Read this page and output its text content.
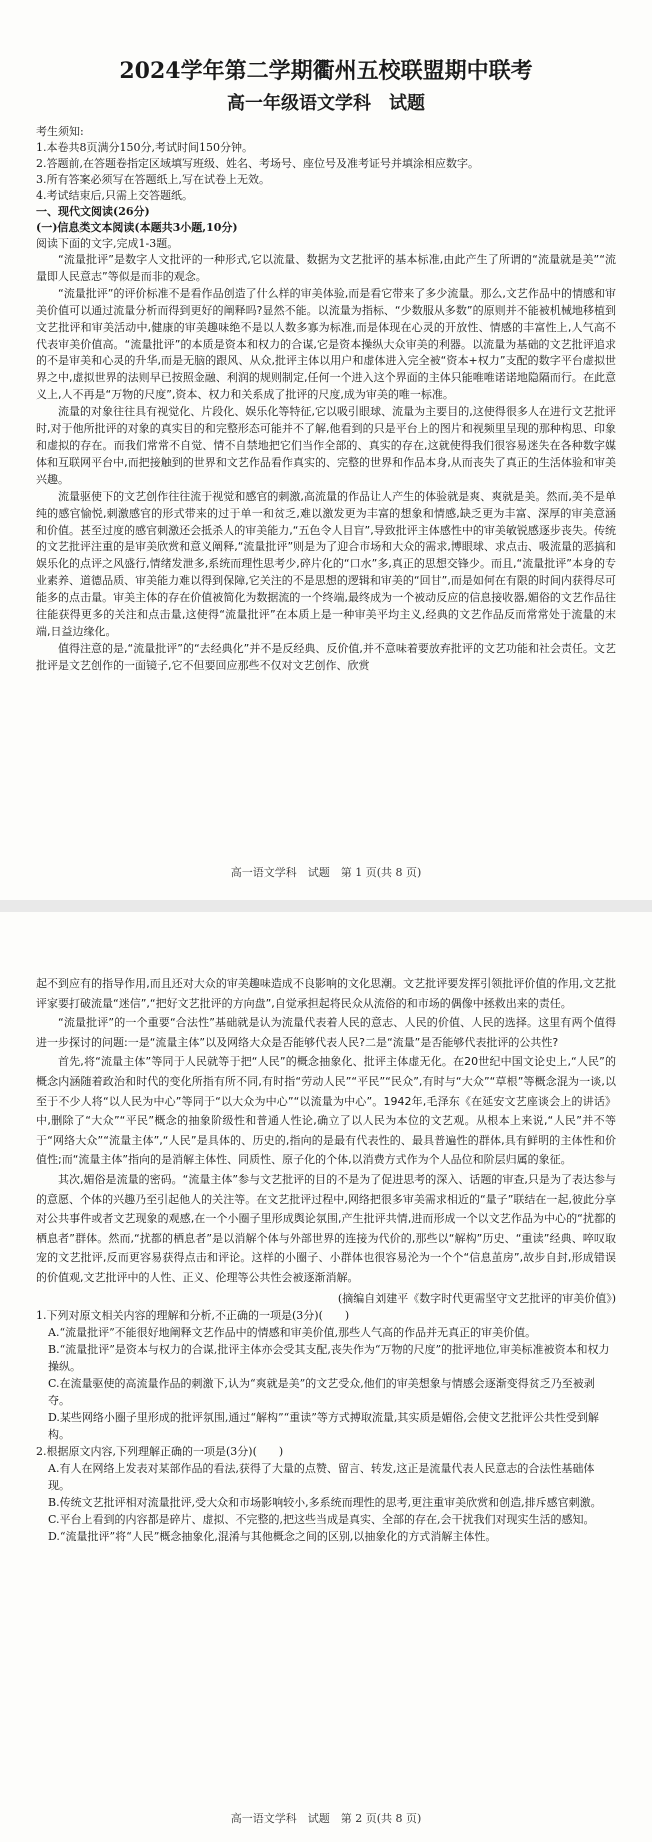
2024学年第二学期衢州五校联盟期中联考
高一年级语文学科　试题

考生须知:

1.本卷共8页满分150分,考试时间150分钟。

2.答题前,在答题卷指定区域填写班级、姓名、考场号、座位号及准考证号并填涂相应数字。

3.所有答案必须写在答题纸上,写在试卷上无效。

4.考试结束后,只需上交答题纸。

一、现代文阅读(26分)

(一)信息类文本阅读(本题共3小题,10分)

阅读下面的文字,完成1-3题。

“流量批评”是数字人文批评的一种形式,它以流量、数据为文艺批评的基本标准,由此产生了所谓的“流量就是美”“流量即人民意志”等似是而非的观念。

“流量批评”的评价标准不是看作品创造了什么样的审美体验,而是看它带来了多少流量。那么,文艺作品中的情感和审美价值可以通过流量分析而得到更好的阐释吗?显然不能。以流量为指标、“少数服从多数”的原则并不能被机械地移植到文艺批评和审美活动中,健康的审美趣味绝不是以人数多寡为标准,而是体现在心灵的开放性、情感的丰富性上,人气高不代表审美价值高。“流量批评”的本质是资本和权力的合谋,它是资本操纵大众审美的利器。以流量为基础的文艺批评追求的不是审美和心灵的升华,而是无脑的跟风、从众,批评主体以用户和虚体进入完全被“资本+权力”支配的数字平台虚拟世界之中,虚拟世界的法则早已按照金融、利润的规则制定,任何一个进入这个界面的主体只能唯唯诺诺地隐隔而行。在此意义上,人不再是“万物的尺度”,资本、权力和关系成了批评的尺度,成为审美的唯一标准。

流量的对象往往具有视觉化、片段化、娱乐化等特征,它以吸引眼球、流量为主要目的,这使得很多人在进行文艺批评时,对于他所批评的对象的真实目的和完整形态可能并不了解,他看到的只是平台上的图片和视频里呈现的那种构思、印象和虚拟的存在。而我们常常不自觉、情不自禁地把它们当作全部的、真实的存在,这就使得我们很容易迷失在各种数字媒体和互联网平台中,而把接触到的世界和文艺作品看作真实的、完整的世界和作品本身,从而丧失了真正的生活体验和审美兴趣。

流量驱使下的文艺创作往往流于视觉和感官的刺激,高流量的作品让人产生的体验就是爽、爽就是美。然而,美不是单纯的感官愉悦,刺激感官的形式带来的过于单一和贫乏,难以激发更为丰富的想象和情感,缺乏更为丰富、深厚的审美意涵和价值。甚至过度的感官刺激还会抵杀人的审美能力,“五色令人目盲”,导致批评主体感性中的审美敏锐感逐步丧失。传统的文艺批评注重的是审美欣赏和意义阐释,“流量批评”则是为了迎合市场和大众的需求,博眼球、求点击、吸流量的恶搞和娱乐化的点评之风盛行,情绪发泄多,系统而理性思考少,碎片化的“口水”多,真正的思想交锋少。而且,“流量批评”本身的专业素养、道德品质、审美能力难以得到保障,它关注的不是思想的逻辑和审美的“回甘”,而是如何在有限的时间内获得尽可能多的点击量。审美主体的存在价值被简化为数据流的一个终端,最终成为一个被动反应的信息接收器,媚俗的文艺作品往往能获得更多的关注和点击量,这使得“流量批评”在本质上是一种审美平均主义,经典的文艺作品反而常常处于流量的末端,日益边缘化。

值得注意的是,“流量批评”的“去经典化”并不是反经典、反价值,并不意味着要放弃批评的文艺功能和社会责任。文艺批评是文艺创作的一面镜子,它不但要回应那些不仅对文艺创作、欣赏

高一语文学科　试题　第 1 页(共 8 页)

起不到应有的指导作用,而且还对大众的审美趣味造成不良影响的文化思潮。文艺批评要发挥引领批评价值的作用,文艺批评家要打破流量“迷信”,“把好文艺批评的方向盘”,自觉承担起将民众从流俗的和市场的偶像中拯救出来的责任。

“流量批评”的一个重要“合法性”基础就是认为流量代表着人民的意志、人民的价值、人民的选择。这里有两个值得进一步探讨的问题:一是“流量主体”以及网络大众是否能够代表人民?二是“流量”是否能够代表批评的公共性?

首先,将“流量主体”等同于人民就等于把“人民”的概念抽象化、批评主体虚无化。在20世纪中国文论史上,“人民”的概念内涵随着政治和时代的变化所指有所不同,有时指“劳动人民”“平民”“民众”,有时与“大众”“草根”等概念混为一谈,以至于不少人将“以人民为中心”等同于“以大众为中心”“以流量为中心”。1942年,毛泽东《在延安文艺座谈会上的讲话》中,删除了“大众”“平民”概念的抽象阶级性和普通人性论,确立了以人民为本位的文艺观。从根本上来说,“人民”并不等于“网络大众”“流量主体”,“人民”是具体的、历史的,指向的是最有代表性的、最具普遍性的群体,具有鲜明的主体性和价值性;而“流量主体”指向的是消解主体性、同质性、原子化的个体,以消费方式作为个人品位和阶层归属的象征。

其次,媚俗是流量的密码。“流量主体”参与文艺批评的目的不是为了促进思考的深入、话题的审查,只是为了表达参与的意愿、个体的兴趣乃至引起他人的关注等。在文艺批评过程中,网络把很多审美需求相近的“量子”联结在一起,彼此分享对公共事件或者文艺现象的观感,在一个小圈子里形成舆论氛围,产生批评共情,进而形成一个以文艺作品为中心的“扰都的栖息者”群体。然而,“扰都的栖息者”是以消解个体与外部世界的连接为代价的,那些以“解构”历史、“重读”经典、啐叹取宠的文艺批评,反而更容易获得点击和评论。这样的小圈子、小群体也很容易沦为一个个“信息茧房”,故步自封,形成错误的价值观,文艺批评中的人性、正义、伦理等公共性会被逐渐消解。

(摘编自刘建平《数字时代更需坚守文艺批评的审美价值》)

1.下列对原文相关内容的理解和分析,不正确的一项是(3分)(　　)

A.“流量批评”不能很好地阐释文艺作品中的情感和审美价值,那些人气高的作品并无真正的审美价值。

B.“流量批评”是资本与权力的合谋,批评主体亦会受其支配,丧失作为“万物的尺度”的批评地位,审美标准被资本和权力操纵。

C.在流量驱使的高流量作品的刺激下,认为“爽就是美”的文艺受众,他们的审美想象与情感会逐渐变得贫乏乃至被剥夺。

D.某些网络小圈子里形成的批评氛围,通过“解构”“重读”等方式搏取流量,其实质是媚俗,会使文艺批评公共性受到解构。

2.根据原文内容,下列理解正确的一项是(3分)(　　)

A.有人在网络上发表对某部作品的看法,获得了大量的点赞、留言、转发,这正是流量代表人民意志的合法性基础体现。

B.传统文艺批评相对流量批评,受大众和市场影响较小,多系统而理性的思考,更注重审美欣赏和创造,排斥感官刺激。

C.平台上看到的内容都是碎片、虚拟、不完整的,把这些当成是真实、全部的存在,会干扰我们对现实生活的感知。

D.“流量批评”将“人民”概念抽象化,混淆与其他概念之间的区别,以抽象化的方式消解主体性。

高一语文学科　试题　第 2 页(共 8 页)
